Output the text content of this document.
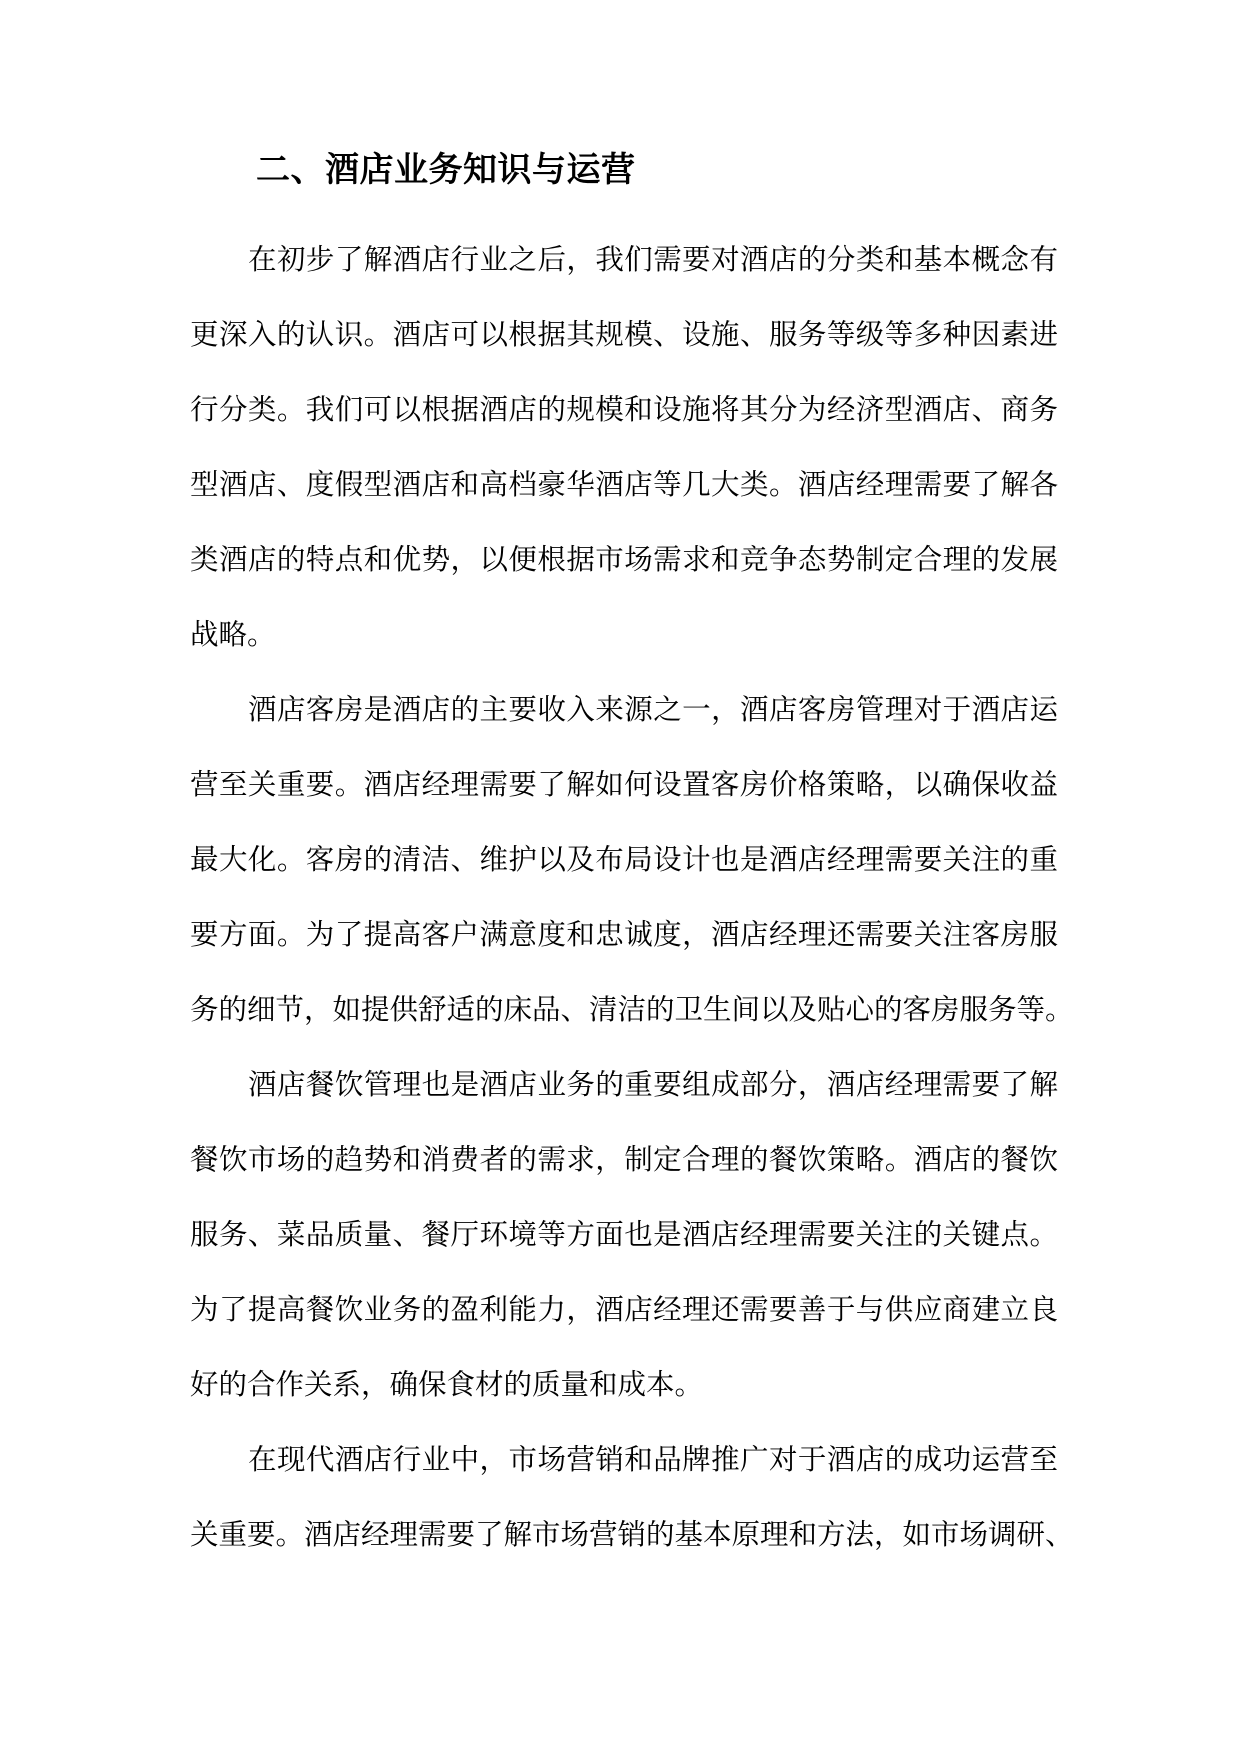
二、酒店业务知识与运营
在初步了解酒店行业之后，我们需要对酒店的分类和基本概念有
更深入的认识。酒店可以根据其规模、设施、服务等级等多种因素进
行分类。我们可以根据酒店的规模和设施将其分为经济型酒店、商务
型酒店、度假型酒店和高档豪华酒店等几大类。酒店经理需要了解各
类酒店的特点和优势，以便根据市场需求和竞争态势制定合理的发展
战略。
酒店客房是酒店的主要收入来源之一，酒店客房管理对于酒店运
营至关重要。酒店经理需要了解如何设置客房价格策略，以确保收益
最大化。客房的清洁、维护以及布局设计也是酒店经理需要关注的重
要方面。为了提高客户满意度和忠诚度，酒店经理还需要关注客房服
务的细节，如提供舒适的床品、清洁的卫生间以及贴心的客房服务等。
酒店餐饮管理也是酒店业务的重要组成部分，酒店经理需要了解
餐饮市场的趋势和消费者的需求，制定合理的餐饮策略。酒店的餐饮
服务、菜品质量、餐厅环境等方面也是酒店经理需要关注的关键点。
为了提高餐饮业务的盈利能力，酒店经理还需要善于与供应商建立良
好的合作关系，确保食材的质量和成本。
在现代酒店行业中，市场营销和品牌推广对于酒店的成功运营至
关重要。酒店经理需要了解市场营销的基本原理和方法，如市场调研、
